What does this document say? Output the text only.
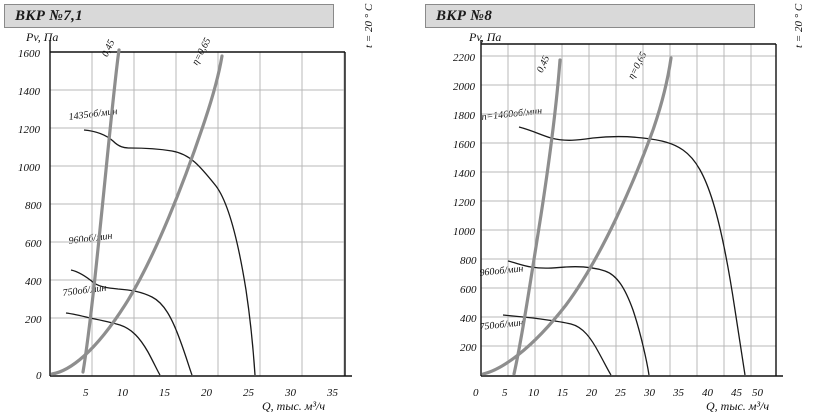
ВКР №7,1
Pv, Па
Q, тыс. м³/ч
t = 20 ° C
1600
1400
1200
1000
800
600
400
200
0
5	10	15	20	25	30	35
0,45	η=0,65
1435об/мин
960об/мин
750об/мин
ВКР №8
Pv, Па
Q, тыс. м³/ч
t = 20 ° C
2200
2000
1800
1600
1400
1200
1000
800
600
400
200
0 5 10 15 20 25 30 35 40 45 50
0,45	η=0,65
n=1460об/мин
960об/мин
750об/мин
